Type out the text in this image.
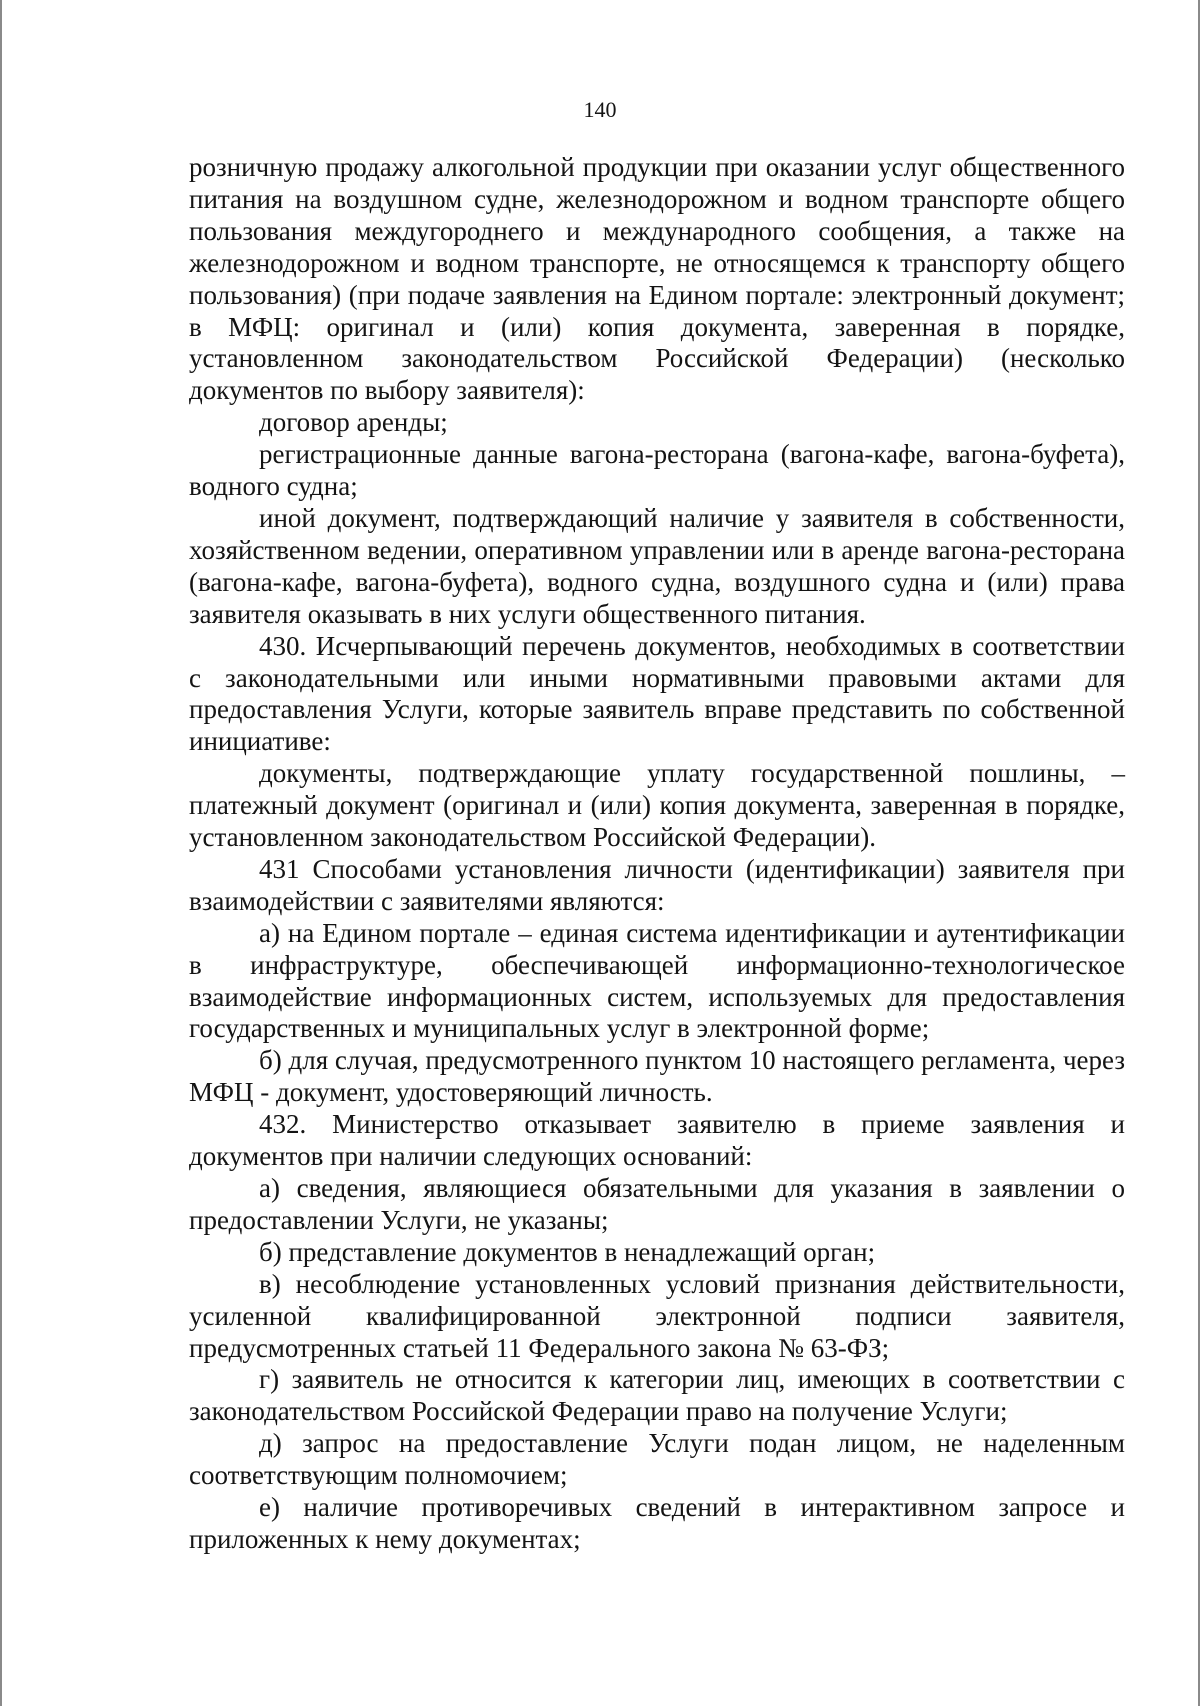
140

розничную продажу алкогольной продукции при оказании услуг общественного питания на воздушном судне, железнодорожном и водном транспорте общего пользования междугороднего и международного сообщения, а также на железнодорожном и водном транспорте, не относящемся к транспорту общего пользования) (при подаче заявления на Едином портале: электронный документ; в МФЦ: оригинал и (или) копия документа, заверенная в порядке, установленном законодательством Российской Федерации) (несколько документов по выбору заявителя):

договор аренды;

регистрационные данные вагона-ресторана (вагона-кафе, вагона-буфета), водного судна;

иной документ, подтверждающий наличие у заявителя в собственности, хозяйственном ведении, оперативном управлении или в аренде вагона-ресторана (вагона-кафе, вагона-буфета), водного судна, воздушного судна и (или) права заявителя оказывать в них услуги общественного питания.

430. Исчерпывающий перечень документов, необходимых в соответствии с законодательными или иными нормативными правовыми актами для предоставления Услуги, которые заявитель вправе представить по собственной инициативе:

документы, подтверждающие уплату государственной пошлины, – платежный документ (оригинал и (или) копия документа, заверенная в порядке, установленном законодательством Российской Федерации).

431 Способами установления личности (идентификации) заявителя при взаимодействии с заявителями являются:

а) на Едином портале – единая система идентификации и аутентификации в инфраструктуре, обеспечивающей информационно-технологическое взаимодействие информационных систем, используемых для предоставления государственных и муниципальных услуг в электронной форме;

б) для случая, предусмотренного пунктом 10 настоящего регламента, через МФЦ - документ, удостоверяющий личность.

432. Министерство отказывает заявителю в приеме заявления и документов при наличии следующих оснований:

а) сведения, являющиеся обязательными для указания в заявлении о предоставлении Услуги, не указаны;

б) представление документов в ненадлежащий орган;

в) несоблюдение установленных условий признания действительности, усиленной квалифицированной электронной подписи заявителя, предусмотренных статьей 11 Федерального закона № 63-ФЗ;

г) заявитель не относится к категории лиц, имеющих в соответствии с законодательством Российской Федерации право на получение Услуги;

д) запрос на предоставление Услуги подан лицом, не наделенным соответствующим полномочием;

е) наличие противоречивых сведений в интерактивном запросе и приложенных к нему документах;
